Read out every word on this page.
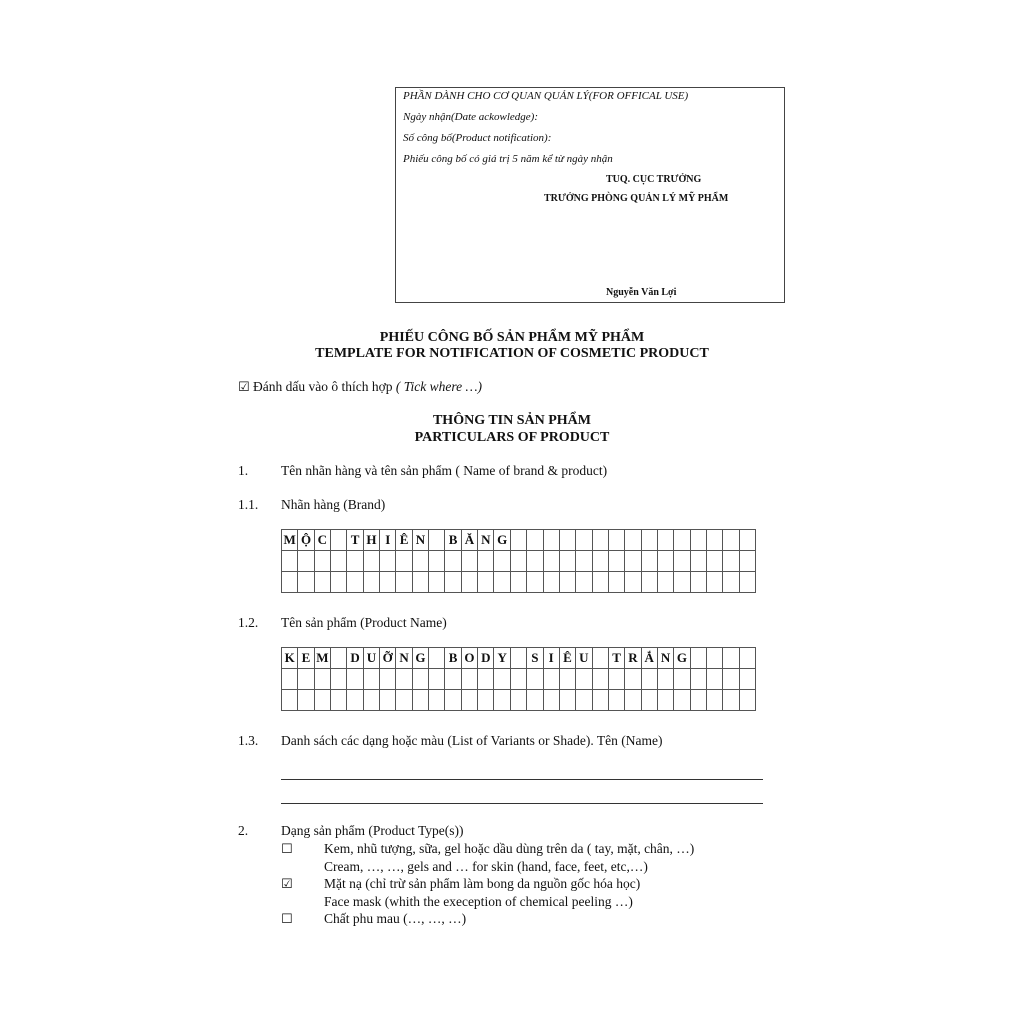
PHẦN DÀNH CHO CƠ QUAN QUẢN LÝ(FOR OFFICAL USE)
Ngày nhận(Date ackowledge):
Số công bố(Product notification):
Phiếu công bố có giá trị 5 năm kể từ ngày nhận
TUQ. CỤC TRƯỞNG
TRƯỞNG PHÒNG QUẢN LÝ MỸ PHẨM
Nguyễn Văn Lợi
PHIẾU CÔNG BỐ SẢN PHẨM MỸ PHẨM
TEMPLATE FOR NOTIFICATION OF COSMETIC PRODUCT
☑ Đánh dấu vào ô thích hợp ( Tick where …)
THÔNG TIN SẢN PHẨM
PARTICULARS OF PRODUCT
1. Tên nhãn hàng và tên sản phẩm ( Name of brand & product)
1.1. Nhãn hàng (Brand)
M	Ộ	C		T	H	I	Ê	N		B	Ă	N	G															

1.2. Tên sản phẩm (Product Name)
K	E	M		D	U	Ỡ	N	G		B	O	D	Y		S	I	Ê	U		T	R	Ắ	N	G				

1.3. Danh sách các dạng hoặc màu (List of Variants or Shade). Tên (Name)
2. Dạng sản phẩm (Product Type(s))
☐ Kem, nhũ tượng, sữa, gel hoặc dầu dùng trên da ( tay, mặt, chân, …)
Cream, …, …, gels and … for skin (hand, face, feet, etc,…)
☑ Mặt nạ (chỉ trừ sản phẩm làm bong da nguồn gốc hóa học)
Face mask (whith the exeception of chemical peeling …)
☐ Chất phu mau (…, …, …)
